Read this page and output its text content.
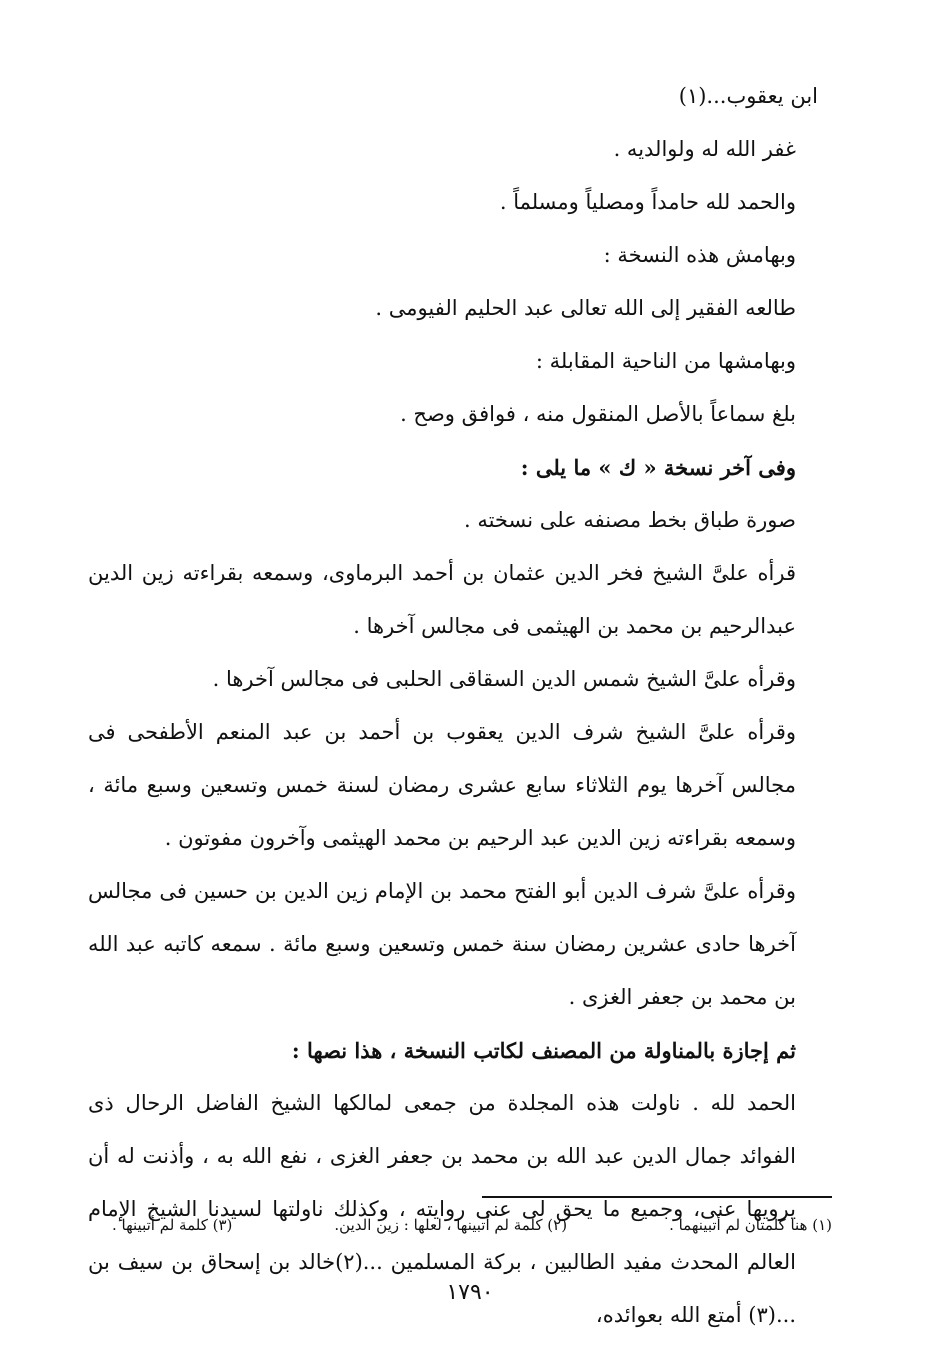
ابن يعقوب...(١)
غفر الله له ولوالديه .
والحمد لله حامداً ومصلياً ومسلماً .
وبهامش هذه النسخة :
طالعه الفقير إلى الله تعالى عبد الحليم الفيومى .
وبهامشها من الناحية المقابلة :
بلغ سماعاً بالأصل المنقول منه ، فوافق وصح .
وفى آخر نسخة « ك » ما يلى :
صورة طباق بخط مصنفه على نسخته .
قرأه علىَّ الشيخ فخر الدين عثمان بن أحمد البرماوى، وسمعه بقراءته زين الدين عبدالرحيم بن محمد بن الهيثمى فى مجالس آخرها .
وقرأه علىَّ الشيخ شمس الدين السقاقى الحلبى فى مجالس آخرها .
وقرأه علىَّ الشيخ شرف الدين يعقوب بن أحمد بن عبد المنعم الأطفحى فى مجالس آخرها يوم الثلاثاء سابع عشرى رمضان لسنة خمس وتسعين وسبع مائة ، وسمعه بقراءته زين الدين عبد الرحيم بن محمد الهيثمى وآخرون مفوتون .
وقرأه علىَّ شرف الدين أبو الفتح محمد بن الإمام زين الدين بن حسين فى مجالس آخرها حادى عشرين رمضان سنة خمس وتسعين وسبع مائة . سمعه كاتبه عبد الله بن محمد بن جعفر الغزى .
ثم إجازة بالمناولة من المصنف لكاتب النسخة ، هذا نصها :
الحمد لله . ناولت هذه المجلدة من جمعى لمالكها الشيخ الفاضل الرحال ذى الفوائد جمال الدين عبد الله بن محمد بن جعفر الغزى ، نفع الله به ، وأذنت له أن يرويها عنى، وجميع ما يحق لى عنى روايته ، وكذلك ناولتها لسيدنا الشيخ الإمام العالم المحدث مفيد الطالبين ، بركة المسلمين ...(٢)خالد بن إسحاق بن سيف بن ...(٣) أمتع الله بعوائده،
(١) هنا كلمتان لم أتبينهما .
(٢) كلمة لم أتبينها ، لعلها : زين الدين.
(٣) كلمة لم أتبينها .
١٧٩٠
